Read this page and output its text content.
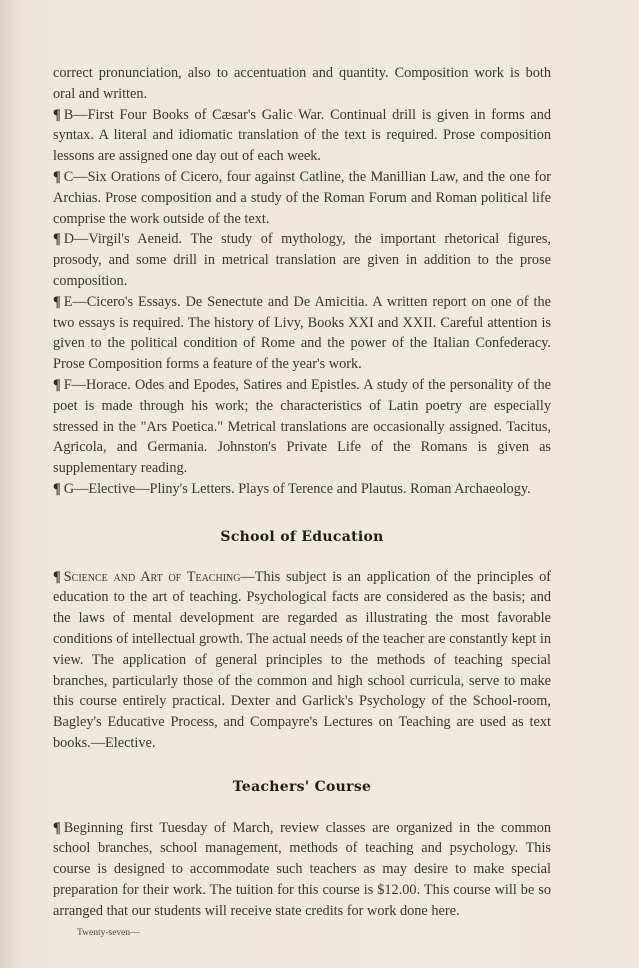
correct pronunciation, also to accentuation and quantity. Composition work is both oral and written.

¶ B—First Four Books of Cæsar's Galic War. Continual drill is given in forms and syntax. A literal and idiomatic translation of the text is required. Prose composition lessons are assigned one day out of each week.

¶ C—Six Orations of Cicero, four against Catline, the Manillian Law, and the one for Archias. Prose composition and a study of the Roman Forum and Roman political life comprise the work outside of the text.

¶ D—Virgil's Aeneid. The study of mythology, the important rhetorical figures, prosody, and some drill in metrical translation are given in addition to the prose composition.

¶ E—Cicero's Essays. De Senectute and De Amicitia. A written report on one of the two essays is required. The history of Livy, Books XXI and XXII. Careful attention is given to the political condition of Rome and the power of the Italian Confederacy. Prose Composition forms a feature of the year's work.

¶ F—Horace. Odes and Epodes, Satires and Epistles. A study of the personality of the poet is made through his work; the characteristics of Latin poetry are especially stressed in the "Ars Poetica." Metrical translations are occasionally assigned. Tacitus, Agricola, and Germania. Johnston's Private Life of the Romans is given as supplementary reading.

¶ G—Elective—Pliny's Letters. Plays of Terence and Plautus. Roman Archaeology.

School of Education

¶ Science and Art of Teaching—This subject is an application of the principles of education to the art of teaching. Psychological facts are considered as the basis; and the laws of mental development are regarded as illustrating the most favorable conditions of intellectual growth. The actual needs of the teacher are constantly kept in view. The application of general principles to the methods of teaching special branches, particularly those of the common and high school curricula, serve to make this course entirely practical. Dexter and Garlick's Psychology of the School-room, Bagley's Educative Process, and Compayre's Lectures on Teaching are used as text books.—Elective.

Teachers' Course

¶ Beginning first Tuesday of March, review classes are organized in the common school branches, school management, methods of teaching and psychology. This course is designed to accommodate such teachers as may desire to make special preparation for their work. The tuition for this course is $12.00. This course will be so arranged that our students will receive state credits for work done here.

Twenty-seven—
